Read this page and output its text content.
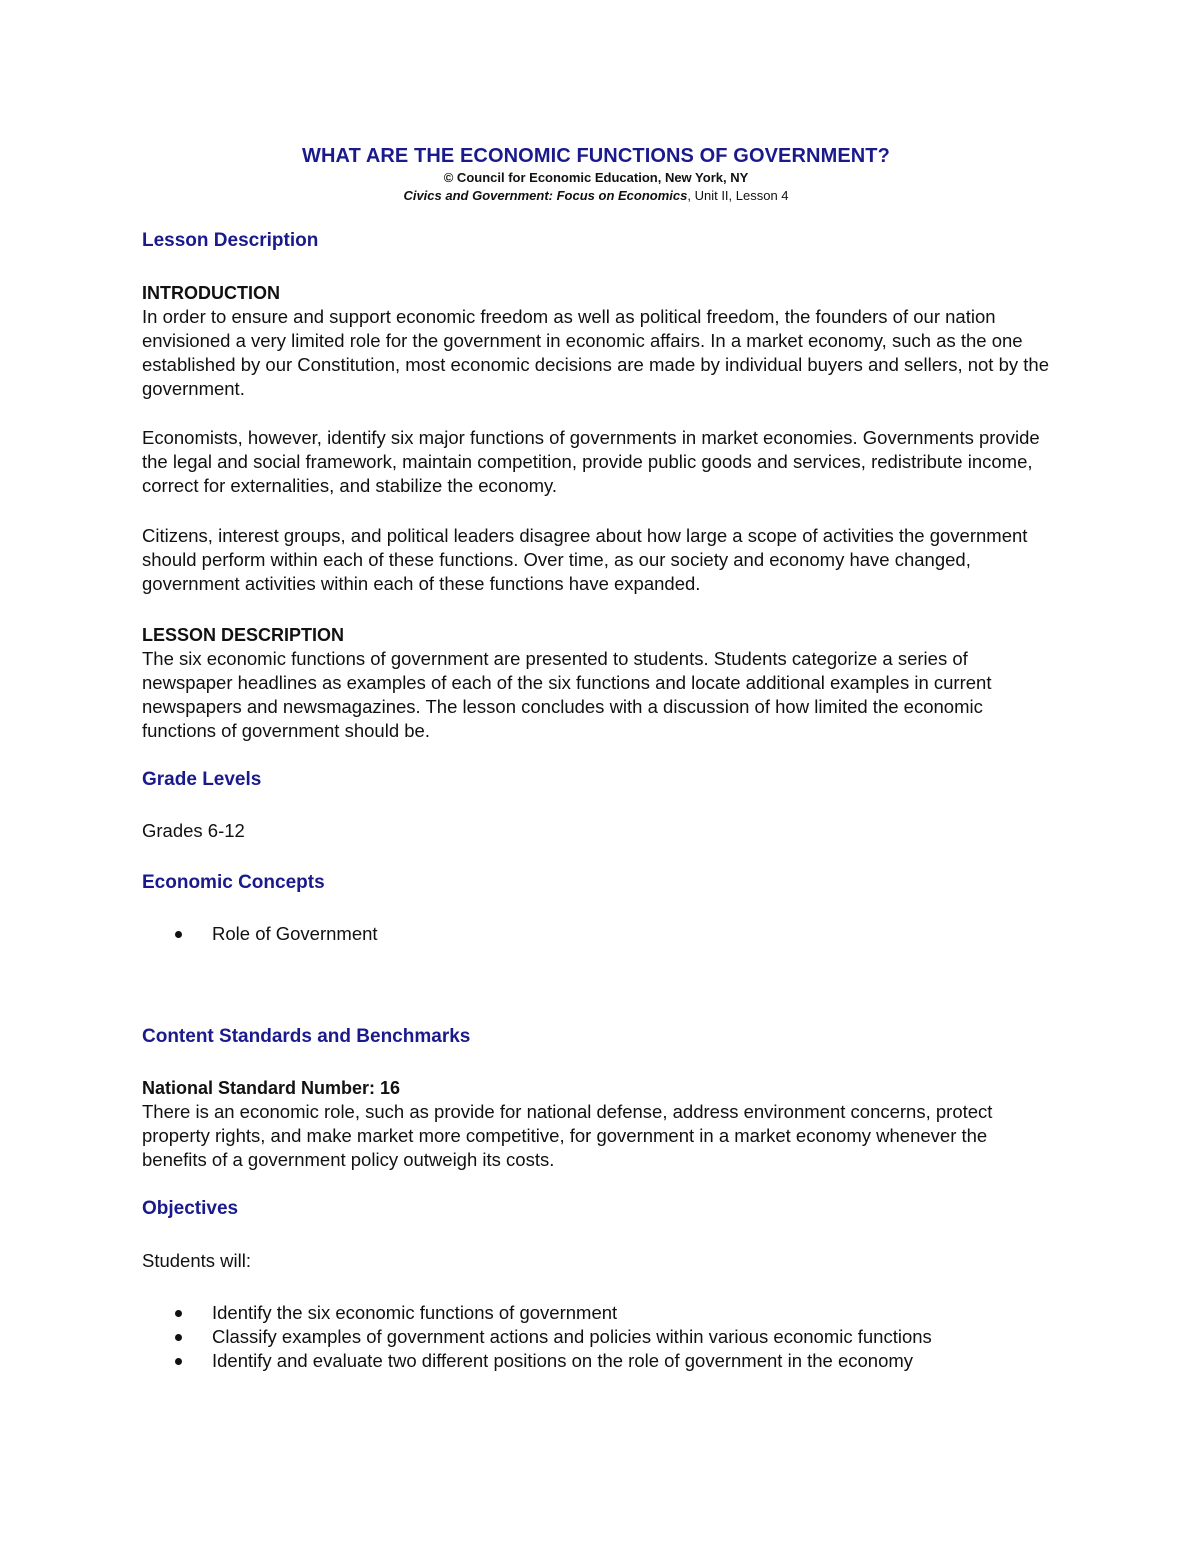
WHAT ARE THE ECONOMIC FUNCTIONS OF GOVERNMENT?
© Council for Economic Education, New York, NY
Civics and Government: Focus on Economics, Unit II, Lesson 4
Lesson Description
INTRODUCTION

In order to ensure and support economic freedom as well as political freedom, the founders of our nation envisioned a very limited role for the government in economic affairs. In a market economy, such as the one established by our Constitution, most economic decisions are made by individual buyers and sellers, not by the government.

Economists, however, identify six major functions of governments in market economies. Governments provide the legal and social framework, maintain competition, provide public goods and services, redistribute income, correct for externalities, and stabilize the economy.

Citizens, interest groups, and political leaders disagree about how large a scope of activities the government should perform within each of these functions. Over time, as our society and economy have changed, government activities within each of these functions have expanded.

LESSON DESCRIPTION

The six economic functions of government are presented to students. Students categorize a series of newspaper headlines as examples of each of the six functions and locate additional examples in current newspapers and newsmagazines. The lesson concludes with a discussion of how limited the economic functions of government should be.

Grade Levels

Grades 6-12

Economic Concepts
Role of Government
Content Standards and Benchmarks
National Standard Number: 16

There is an economic role, such as provide for national defense, address environment concerns, protect property rights, and make market more competitive, for government in a market economy whenever the benefits of a government policy outweigh its costs.

Objectives

Students will:

Identify the six economic functions of government
Classify examples of government actions and policies within various economic functions
Identify and evaluate two different positions on the role of government in the economy
